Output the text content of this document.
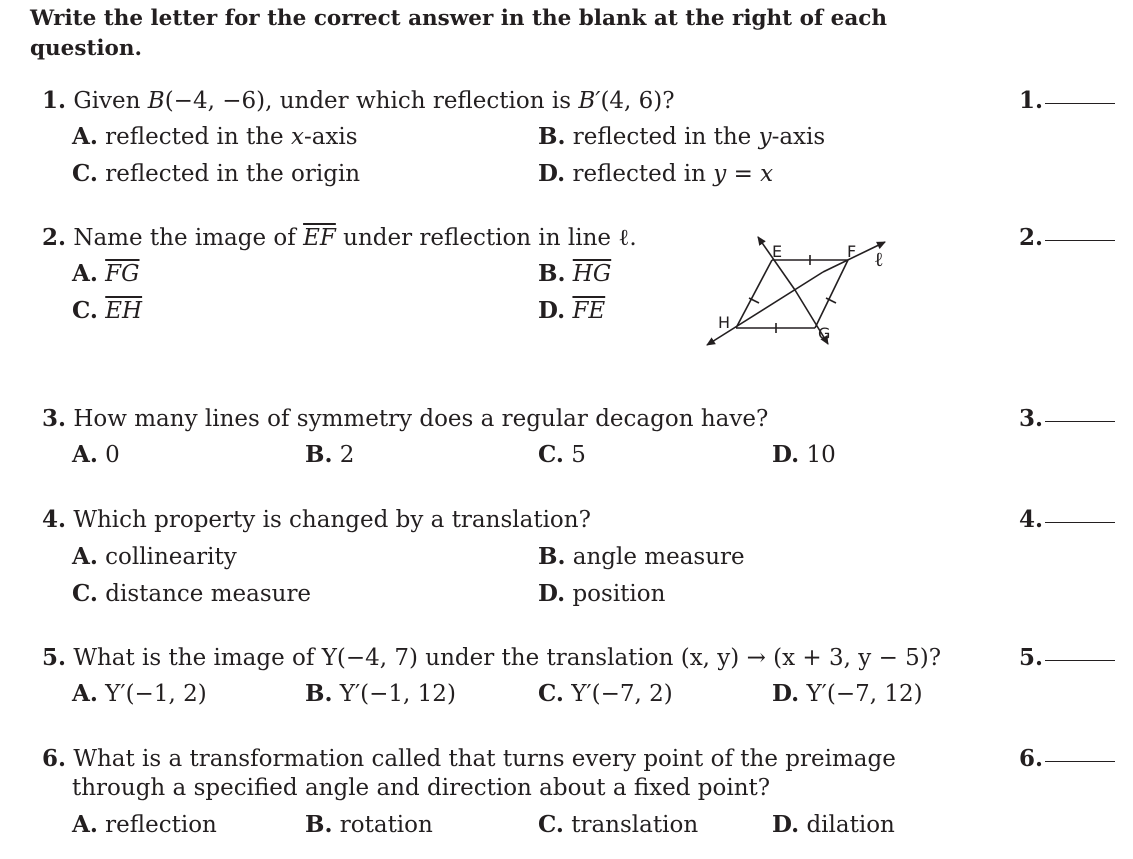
Write the letter for the correct answer in the blank at the right of each question.
1. Given B(−4, −6), under which reflection is B′(4, 6)?
A. reflected in the x-axis	B. reflected in the y-axis
C. reflected in the origin	D. reflected in y = x
1.
2. Name the image of $\overline{EF}$ under reflection in line ℓ.
A. $\overline{FG}$	B. $\overline{HG}$
C. $\overline{EH}$	D. $\overline{FE}$
2.
E	F
G
H
ℓ
3. How many lines of symmetry does a regular decagon have?
A. 0	B. 2	C. 5	D. 10
3.
4. Which property is changed by a translation?
A. collinearity	B. angle measure
C. distance measure	D. position
4.
5. What is the image of Y(−4, 7) under the translation (x, y) → (x + 3, y − 5)?
A. Y′(−1, 2)	B. Y′(−1, 12)	C. Y′(−7, 2)	D. Y′(−7, 12)
5.
6. What is a transformation called that turns every point of the preimage
through a specified angle and direction about a fixed point?
A. reflection	B. rotation	C. translation	D. dilation
6.
